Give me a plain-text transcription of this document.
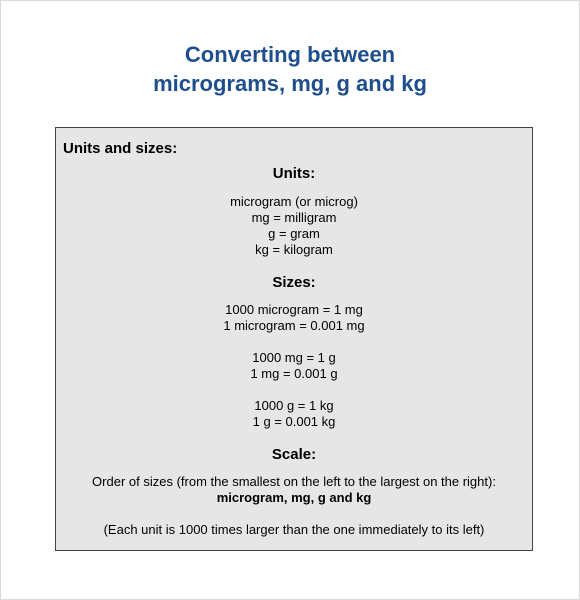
Converting between
micrograms, mg, g and kg
Units and sizes:
Units:
microgram (or microg)
mg = milligram
g = gram
kg = kilogram
Sizes:
1000 microgram = 1 mg
1 microgram = 0.001 mg
1000 mg = 1 g
1 mg = 0.001 g
1000 g = 1 kg
1 g = 0.001 kg
Scale:
Order of sizes (from the smallest on the left to the largest on the right):
microgram, mg, g and kg
(Each unit is 1000 times larger than the one immediately to its left)
